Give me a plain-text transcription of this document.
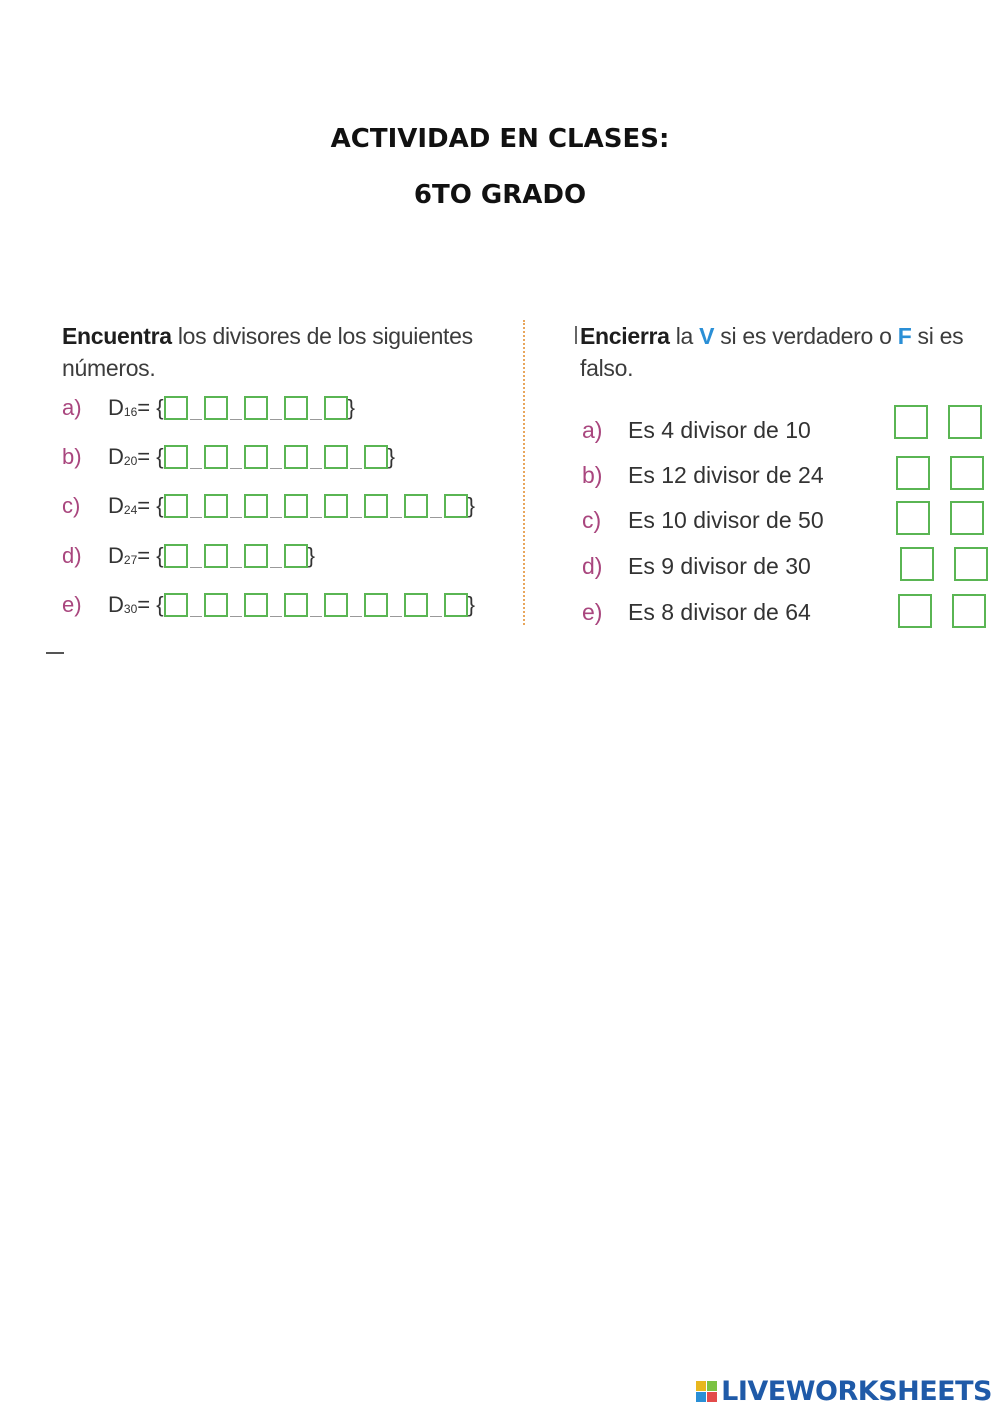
ACTIVIDAD EN CLASES:
6TO GRADO
Encuentra los divisores de los siguientes
números.
a)	D 16 = {	}
b)	D 20 = {	}
c)	D 24 = {	}
d)	D 27 = {	}
e)	D 30 = {	}
Encierra la V si es verdadero o F si es
falso.
a)	Es 4 divisor de 10
b)	Es 12 divisor de 24
c)	Es 10 divisor de 50
d)	Es 9 divisor de 30
e)	Es 8 divisor de 64
LIVEWORKSHEETS
